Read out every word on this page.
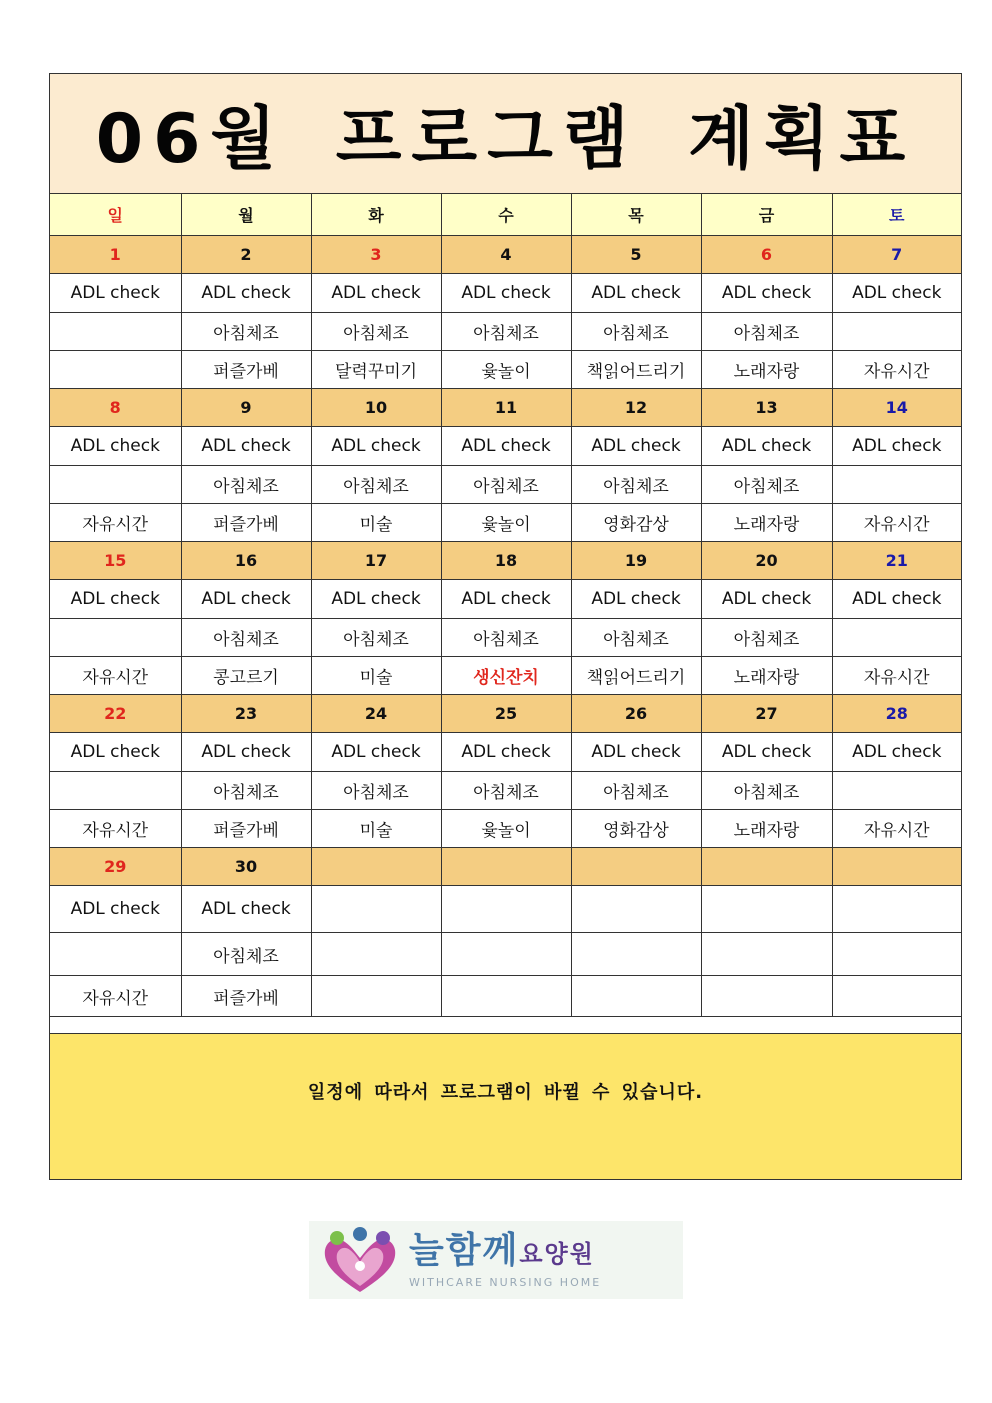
06월 프로그램 계획표
일	월	화	수	목	금	토
1	2	3	4	5	6	7
ADL check	ADL check	ADL check	ADL check	ADL check	ADL check	ADL check
	아침체조	아침체조	아침체조	아침체조	아침체조	
	퍼즐가베	달력꾸미기	윷놀이	책읽어드리기	노래자랑	자유시간
8	9	10	11	12	13	14
ADL check	ADL check	ADL check	ADL check	ADL check	ADL check	ADL check
	아침체조	아침체조	아침체조	아침체조	아침체조	
자유시간	퍼즐가베	미술	윷놀이	영화감상	노래자랑	자유시간
15	16	17	18	19	20	21
ADL check	ADL check	ADL check	ADL check	ADL check	ADL check	ADL check
	아침체조	아침체조	아침체조	아침체조	아침체조	
자유시간	콩고르기	미술	생신잔치	책읽어드리기	노래자랑	자유시간
22	23	24	25	26	27	28
ADL check	ADL check	ADL check	ADL check	ADL check	ADL check	ADL check
	아침체조	아침체조	아침체조	아침체조	아침체조	
자유시간	퍼즐가베	미술	윷놀이	영화감상	노래자랑	자유시간
29	30					
ADL check	ADL check					
	아침체조					
자유시간	퍼즐가베					
일정에 따라서 프로그램이 바뀔 수 있습니다.
늘함께요양원
WITHCARE NURSING HOME
